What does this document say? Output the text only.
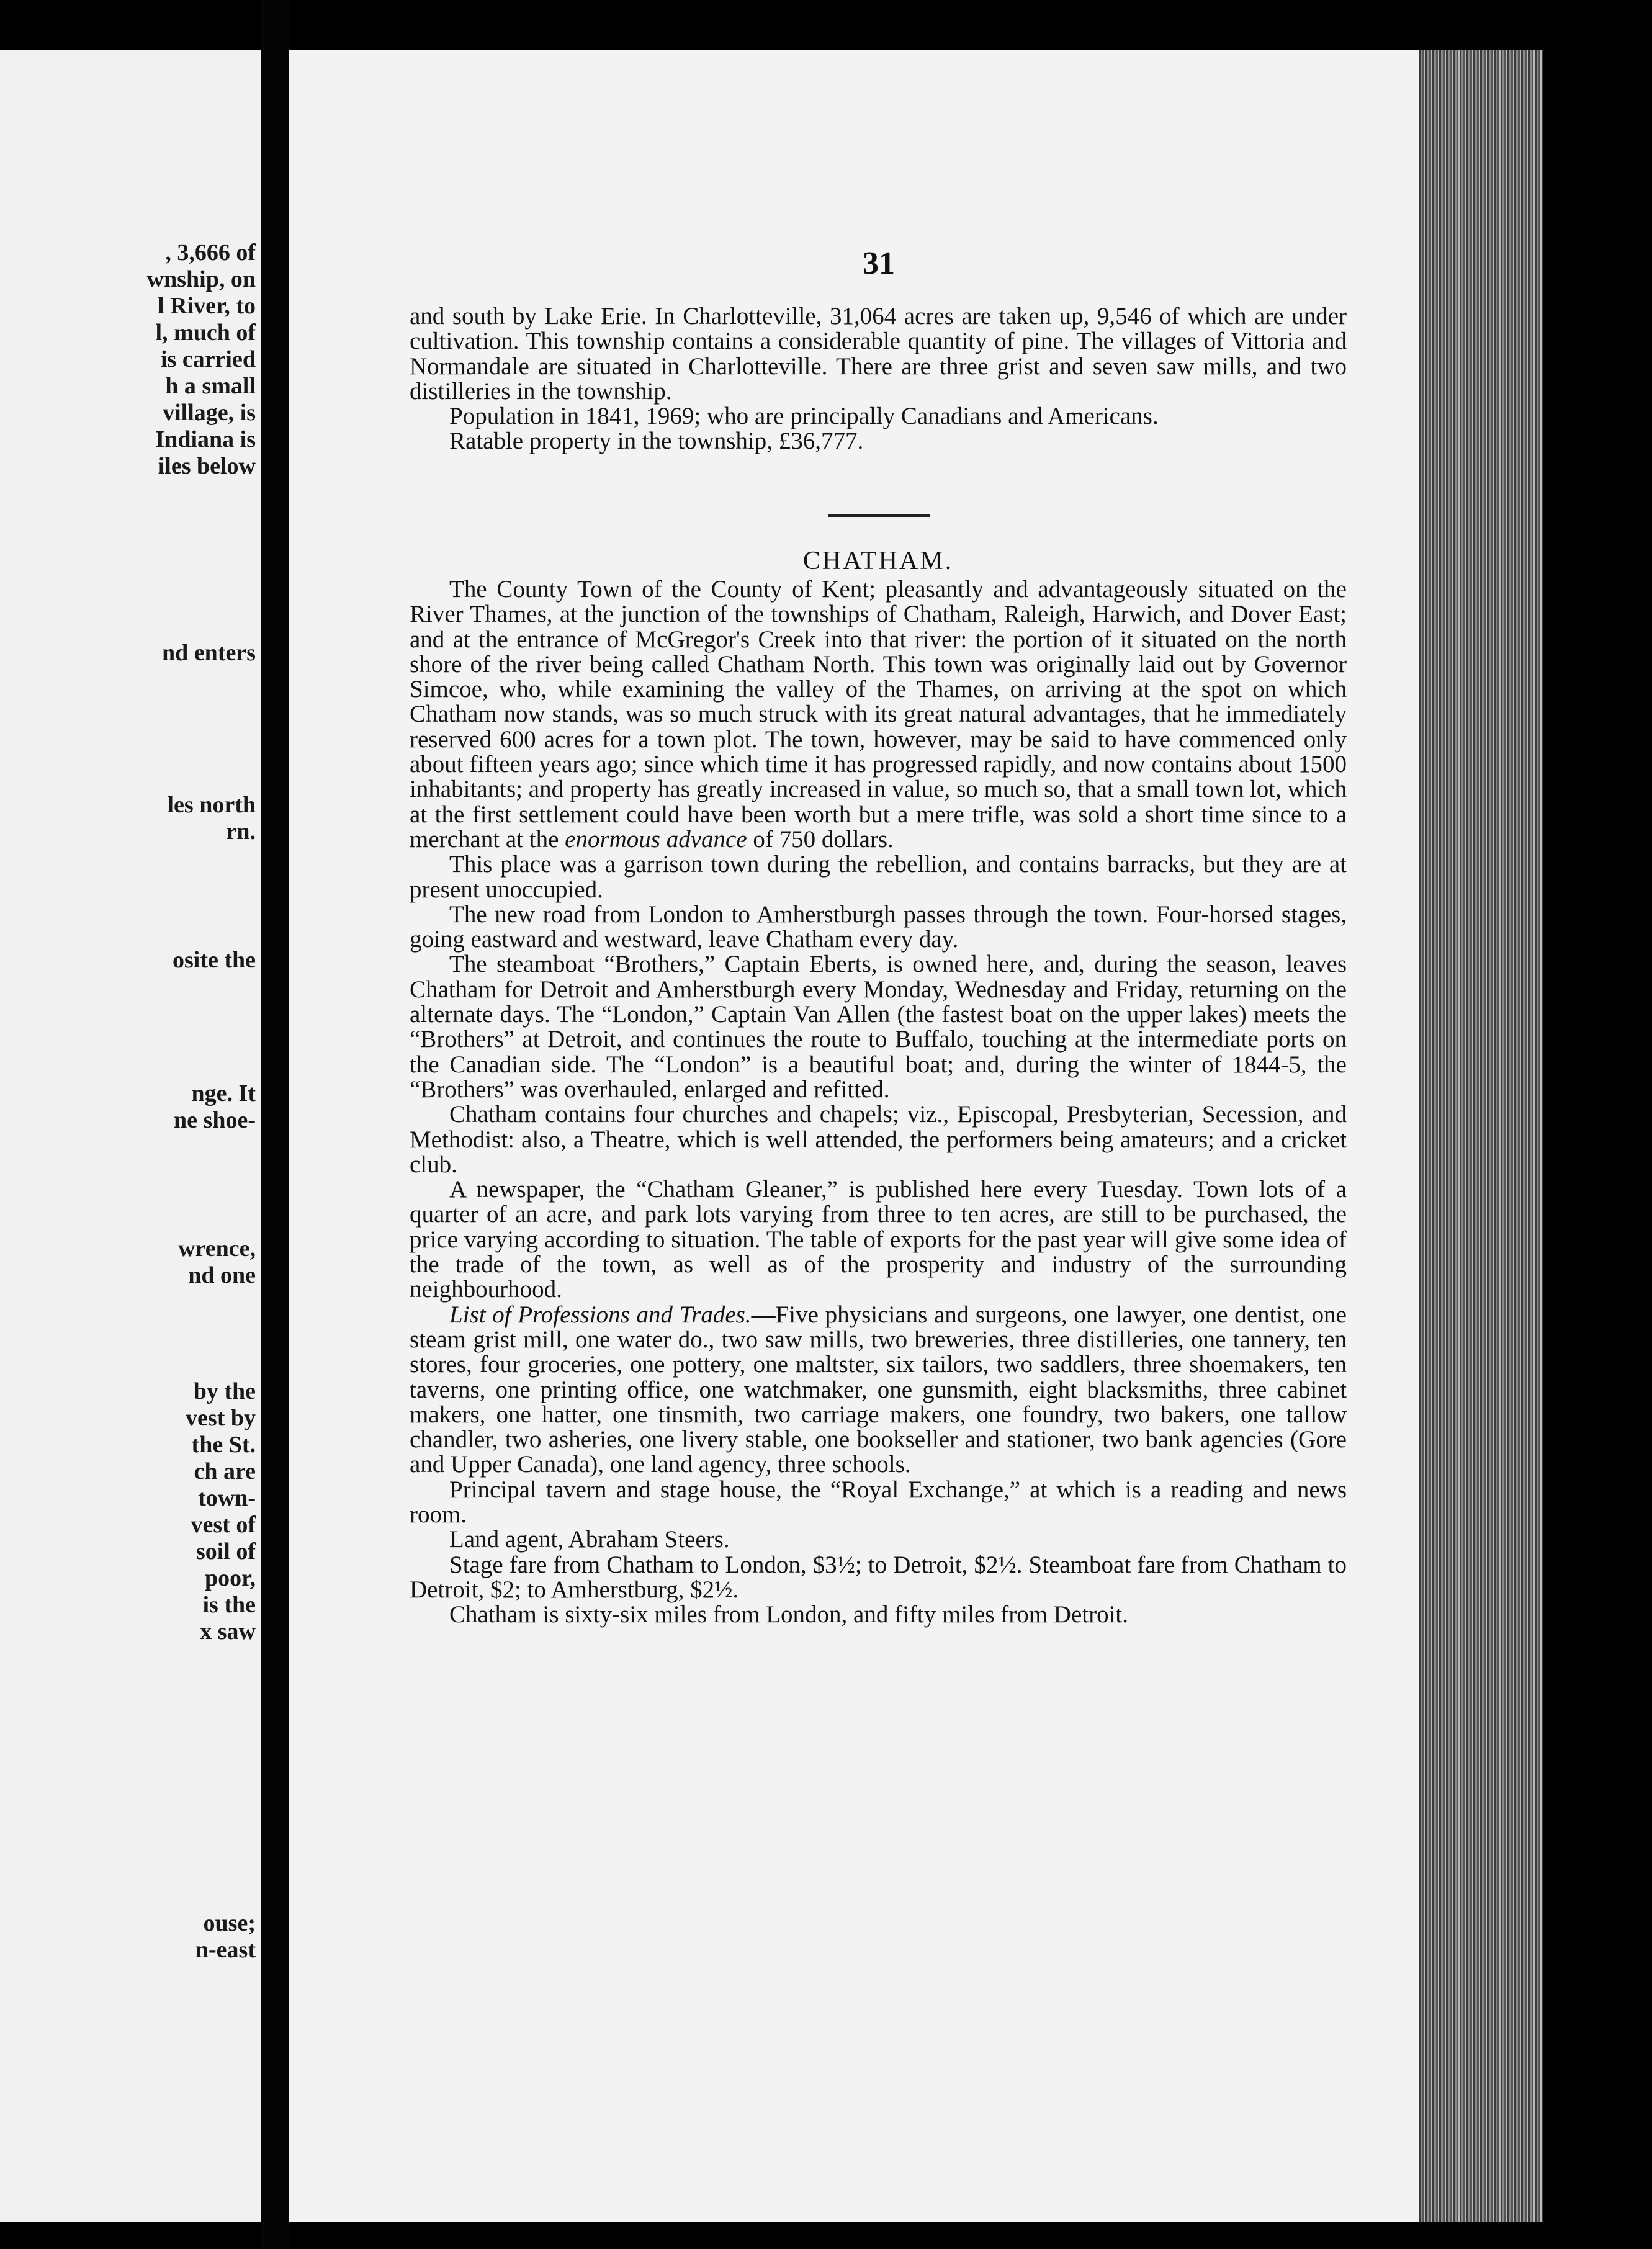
, 3,666 of
wnship, on
l River, to
l, much of
is carried
h a small
village, is
Indiana is
iles below
nd enters
les north
rn.
osite the
nge. It
ne shoe-
wrence,
nd one
by the
vest by
the St.
ch are
town-
vest of
soil of
poor,
is the
x saw
ouse;
n-east
31

and south by Lake Erie. In Charlotteville, 31,064 acres are taken up, 9,546 of which are under cultivation. This township contains a considerable quantity of pine. The villages of Vittoria and Normandale are situated in Charlotteville. There are three grist and seven saw mills, and two distilleries in the township.

Population in 1841, 1969; who are principally Canadians and Americans.

Ratable property in the township, £36,777.

CHATHAM.

The County Town of the County of Kent; pleasantly and advantageously situated on the River Thames, at the junction of the townships of Chatham, Raleigh, Harwich, and Dover East; and at the entrance of McGregor's Creek into that river: the portion of it situated on the north shore of the river being called Chatham North. This town was originally laid out by Governor Simcoe, who, while examining the valley of the Thames, on arriving at the spot on which Chatham now stands, was so much struck with its great natural advantages, that he immediately reserved 600 acres for a town plot. The town, however, may be said to have commenced only about fifteen years ago; since which time it has progressed rapidly, and now contains about 1500 inhabitants; and property has greatly increased in value, so much so, that a small town lot, which at the first settlement could have been worth but a mere trifle, was sold a short time since to a merchant at the enormous advance of 750 dollars.

This place was a garrison town during the rebellion, and contains barracks, but they are at present unoccupied.

The new road from London to Amherstburgh passes through the town. Four-horsed stages, going eastward and westward, leave Chatham every day.

The steamboat “Brothers,” Captain Eberts, is owned here, and, during the season, leaves Chatham for Detroit and Amherstburgh every Monday, Wednesday and Friday, returning on the alternate days. The “London,” Captain Van Allen (the fastest boat on the upper lakes) meets the “Brothers” at Detroit, and continues the route to Buffalo, touching at the intermediate ports on the Canadian side. The “London” is a beautiful boat; and, during the winter of 1844-5, the “Brothers” was overhauled, enlarged and refitted.

Chatham contains four churches and chapels; viz., Episcopal, Presbyterian, Secession, and Methodist: also, a Theatre, which is well attended, the performers being amateurs; and a cricket club.

A newspaper, the “Chatham Gleaner,” is published here every Tuesday. Town lots of a quarter of an acre, and park lots varying from three to ten acres, are still to be purchased, the price varying according to situation. The table of exports for the past year will give some idea of the trade of the town, as well as of the prosperity and industry of the surrounding neighbourhood.

List of Professions and Trades.—Five physicians and surgeons, one lawyer, one dentist, one steam grist mill, one water do., two saw mills, two breweries, three distilleries, one tannery, ten stores, four groceries, one pottery, one maltster, six tailors, two saddlers, three shoemakers, ten taverns, one printing office, one watchmaker, one gunsmith, eight blacksmiths, three cabinet makers, one hatter, one tinsmith, two carriage makers, one foundry, two bakers, one tallow chandler, two asheries, one livery stable, one bookseller and stationer, two bank agencies (Gore and Upper Canada), one land agency, three schools.

Principal tavern and stage house, the “Royal Exchange,” at which is a reading and news room.

Land agent, Abraham Steers.

Stage fare from Chatham to London, $3½; to Detroit, $2½. Steamboat fare from Chatham to Detroit, $2; to Amherstburg, $2½.

Chatham is sixty-six miles from London, and fifty miles from Detroit.
